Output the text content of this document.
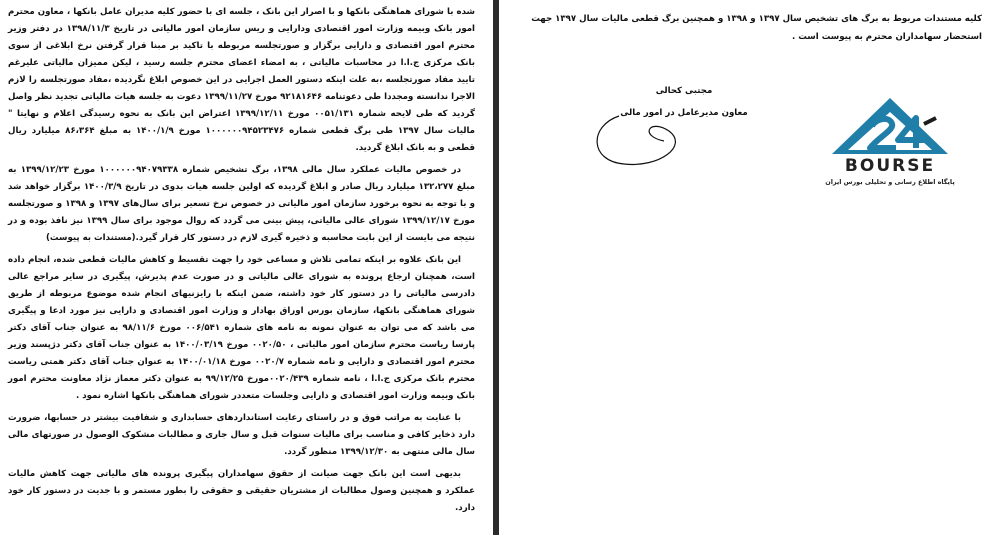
شده با شورای هماهنگی بانکها و با اصرار این بانک ، جلسه ای با حضور کلیه مدیران عامل بانکها ، معاون محترم امور بانک وبیمه وزارت امور اقتصادی ودارایی و ریس سازمان امور مالیاتی در تاریخ ۱۳۹۸/۱۱/۳ در دفتر وزیر محترم امور اقتصادی و دارایی برگزار و صورتجلسه مربوطه با تاکید بر مبنا قرار گرفتن نرخ ابلاغی از سوی بانک مرکزی ج.ا.ا در محاسبات مالیاتی ، به امضاء اعضای محترم جلسه رسید ، لیکن ممیزان مالیاتی علیرغم تایید مفاد صورتجلسه ،به علت اینکه دستور العمل اجرایی در این خصوص ابلاغ نگردیده ،مفاد صورتجلسه را لازم الاجرا ندانسته ومجددا طی دعوتنامه ۹۲۱۸۱۶۴۶ مورخ ۱۳۹۹/۱۱/۲۷ دعوت به جلسه هیات مالیاتی تجدید نظر واصل گردید که طی لایحه شماره ۰۰۵۱/۱۳۱ مورخ ۱۳۹۹/۱۲/۱۱ اعتراض این بانک به نحوه رسیدگی اعلام و نهایتا " مالیات سال ۱۳۹۷ طی برگ قطعی شماره ۱۰۰۰۰۰۰۹۴۵۲۳۴۷۶ مورخ ۱۴۰۰/۱/۹ به مبلغ ۸۶،۳۶۴ میلیارد ریال قطعی و به بانک ابلاغ گردید.

در خصوص مالیات عملکرد سال مالی ۱۳۹۸، برگ تشخیص شماره ۱۰۰۰۰۰۰۹۴۰۷۹۳۳۸ مورخ ۱۳۹۹/۱۲/۲۳ به مبلغ ۱۳۲،۲۷۷ میلیارد ریال صادر و ابلاغ گردیده که اولین جلسه هیات بدوی در تاریخ ۱۴۰۰/۳/۹ برگزار خواهد شد و با توجه به نحوه برخورد سازمان امور مالیاتی در خصوص نرخ تسعیر برای سال‌های ۱۳۹۷ و ۱۳۹۸ و صورتجلسه مورخ ۱۳۹۹/۱۲/۱۷ شورای عالی مالیاتی، پیش بینی می گردد که روال موجود برای سال ۱۳۹۹ نیز نافذ بوده و در نتیجه می بایست از این بابت محاسبه و ذخیره گیری لازم در دستور کار قرار گیرد.(مستندات به پیوست)

این بانک علاوه بر اینکه تمامی تلاش و مساعی خود را جهت تقسیط و کاهش مالیات قطعی شده، انجام داده است، همچنان ارجاع پرونده به شورای عالی مالیاتی و در صورت عدم پذیرش، پیگیری در سایر مراجع عالی دادرسی مالیاتی را در دستور کار خود داشته، ضمن اینکه با رایزنیهای انجام شده موضوع مربوطه از طریق شورای هماهنگی بانکها، سازمان بورس اوراق بهادار و وزارت امور اقتصادی و دارایی نیز مورد ادعا و پیگیری می باشد که می توان به عنوان نمونه به نامه های شماره ۰۰۶/۵۴۱ مورخ ۹۸/۱۱/۶ به عنوان جناب آقای دکتر پارسا ریاست محترم سازمان امور مالیاتی ، ۰۰۲۰/۵۰ مورخ ۱۴۰۰/۰۳/۱۹ به عنوان جناب آقای دکتر دژپسند وزیر محترم امور اقتصادی و دارایی و نامه شماره ۰۰۲۰/۷ مورخ ۱۴۰۰/۰۱/۱۸ به عنوان جناب آقای دکتر همتی ریاست محترم بانک مرکزی ج.ا.ا ، نامه شماره ۰۰۲۰/۴۳۹مورخ ۹۹/۱۲/۲۵ به عنوان دکتر معماز نژاد معاونت محترم امور بانک وبیمه وزارت امور اقتصادی و دارایی وجلسات متعددر شورای هماهنگی بانکها اشاره نمود .

با عنایت به مراتب فوق و در راستای رعایت استانداردهای حسابداری و شفافیت بیشتر در حسابها، ضرورت دارد ذخایر کافی و مناسب برای مالیات سنوات قبل و سال جاری و مطالبات مشکوک الوصول در صورتهای مالی سال مالی منتهی به ۱۳۹۹/۱۲/۳۰ منظور گردد.

بدیهی است این بانک جهت صیانت از حقوق سهامداران پیگیری پرونده های مالیاتی جهت کاهش مالیات عملکرد و همچنین وصول مطالبات از مشتریان حقیقی و حقوقی را بطور مستمر و با جدیت در دستور کار خود دارد.

کلیه مستندات مربوط به برگ های تشخیص سال ۱۳۹۷ و ۱۳۹۸ و همچنین برگ قطعی مالیات سال ۱۳۹۷ جهت استحضار سهامداران محترم به پیوست است .

مجتبی کحالی
معاون مدیرعامل در امور مالی
BOURSE
پایگاه اطلاع رسانی و تحلیلی بورس ایران
